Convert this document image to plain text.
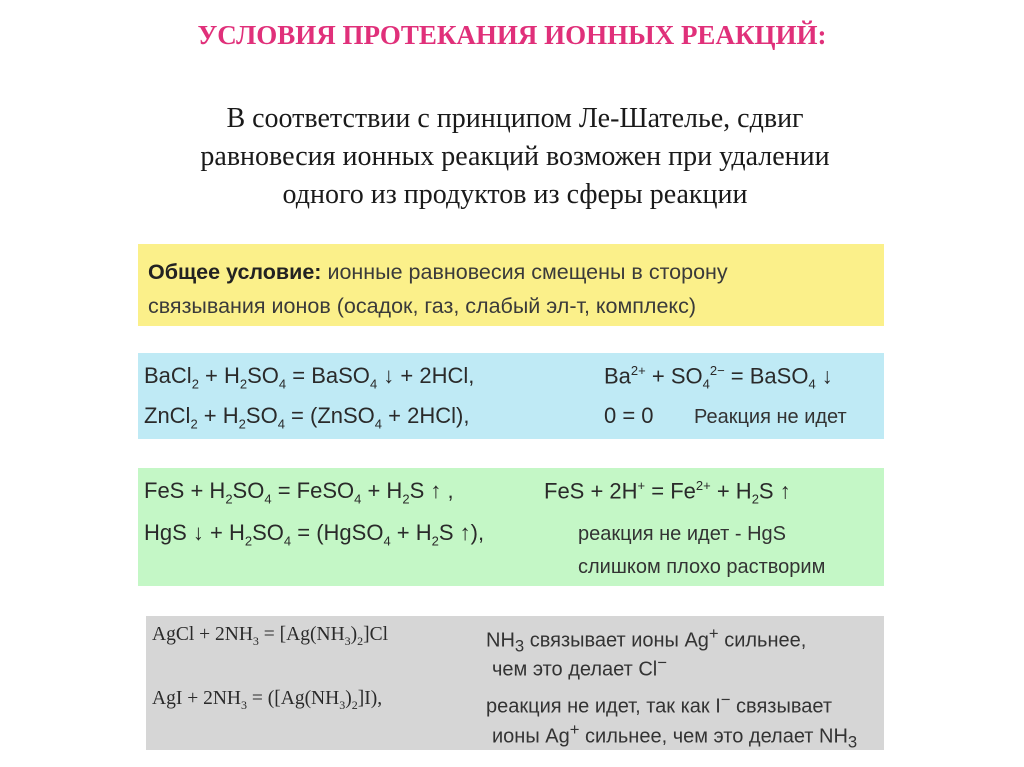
УСЛОВИЯ ПРОТЕКАНИЯ ИОННЫХ РЕАКЦИЙ:
В соответствии с принципом Ле-Шателье, сдвиг
равновесия ионных реакций возможен при удалении
одного из продуктов из сферы реакции
Общее условие: ионные равновесия смещены в сторону
связывания ионов (осадок, газ, слабый эл-т, комплекс)
BaCl$_2$ + $H_2SO_4$ = BaSO$_4$ ↓ + 2HCl,	$Ba^{2+} + SO_4^{2-}$ = BaSO$_4$ ↓
ZnCl$_2$ + $H_2SO_4$ = (ZnSO$_4$ + 2HCl),	0 = 0 Реакция не идет
FeS + $H_2SO_4$ = FeSO$_4$ + $H_2S$ ↑ ,	FeS + $2H^+ = Fe^{2+} + H_2S$ ↑
HgS ↓ + $H_2SO_4$ = (HgSO$_4$ + $H_2S$ ↑),	реакция не идет - HgS
слишком плохо растворим
AgCl + $2NH_3 = [Ag(NH_3)_2]Cl$	$NH_3$ связывает ионы Ag+ сильнее,
чем это делает Cl−
AgI + $2NH_3 = ([Ag(NH_3)_2]I)$,	реакция не идет, так как I− связывает
ионы Ag+ сильнее, чем это делает $NH_3$
